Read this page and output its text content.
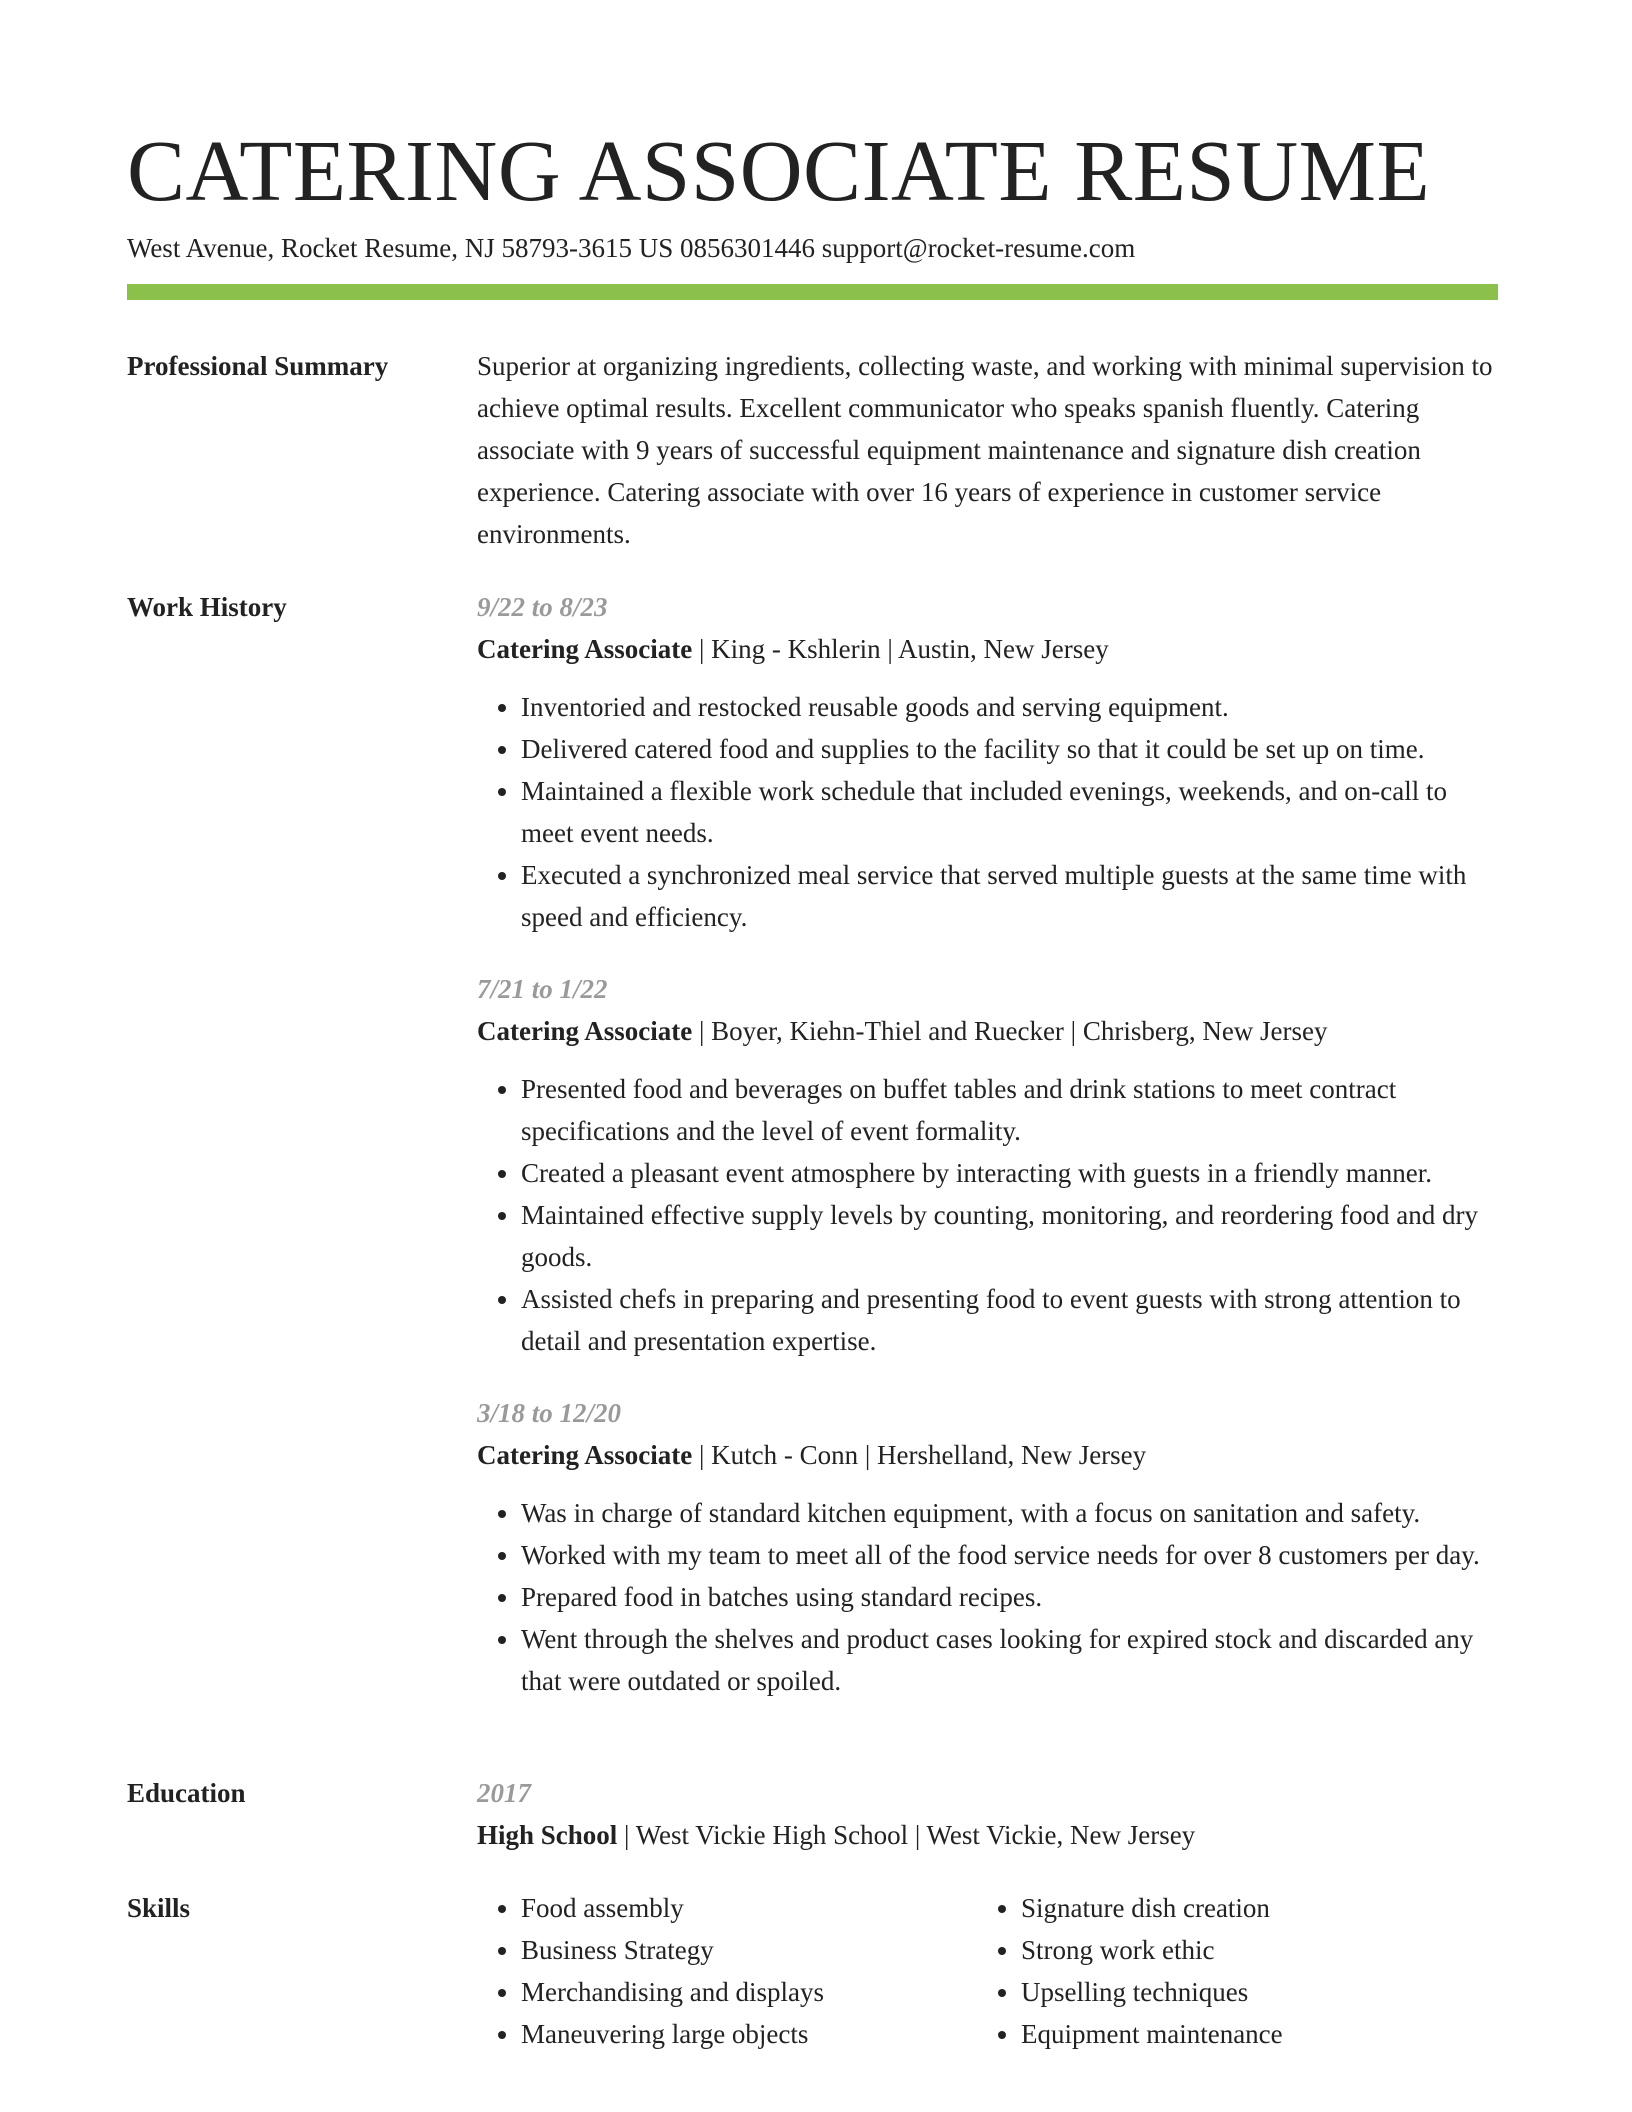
CATERING ASSOCIATE RESUME
West Avenue, Rocket Resume, NJ 58793-3615 US 0856301446 support@rocket-resume.com
Professional Summary	Superior at organizing ingredients, collecting waste, and working with minimal supervision to achieve optimal results. Excellent communicator who speaks spanish fluently. Catering associate with 9 years of successful equipment maintenance and signature dish creation experience. Catering associate with over 16 years of experience in customer service environments.

Work History	9/22 to 8/23
Catering Associate | King - Kshlerin | Austin, New Jersey
• Inventoried and restocked reusable goods and serving equipment.
• Delivered catered food and supplies to the facility so that it could be set up on time.
• Maintained a flexible work schedule that included evenings, weekends, and on-call to meet event needs.
• Executed a synchronized meal service that served multiple guests at the same time with speed and efficiency.
7/21 to 1/22
Catering Associate | Boyer, Kiehn-Thiel and Ruecker | Chrisberg, New Jersey
• Presented food and beverages on buffet tables and drink stations to meet contract specifications and the level of event formality.
• Created a pleasant event atmosphere by interacting with guests in a friendly manner.
• Maintained effective supply levels by counting, monitoring, and reordering food and dry goods.
• Assisted chefs in preparing and presenting food to event guests with strong attention to detail and presentation expertise.
3/18 to 12/20
Catering Associate | Kutch - Conn | Hershelland, New Jersey
• Was in charge of standard kitchen equipment, with a focus on sanitation and safety.
• Worked with my team to meet all of the food service needs for over 8 customers per day.
• Prepared food in batches using standard recipes.
• Went through the shelves and product cases looking for expired stock and discarded any that were outdated or spoiled.
Education	2017
High School | West Vickie High School | West Vickie, New Jersey
Skills
•	Food assembly
• Business Strategy
• Merchandising and displays
• Maneuvering large objects
• Signature dish creation
• Strong work ethic
• Upselling techniques
• Equipment maintenance
